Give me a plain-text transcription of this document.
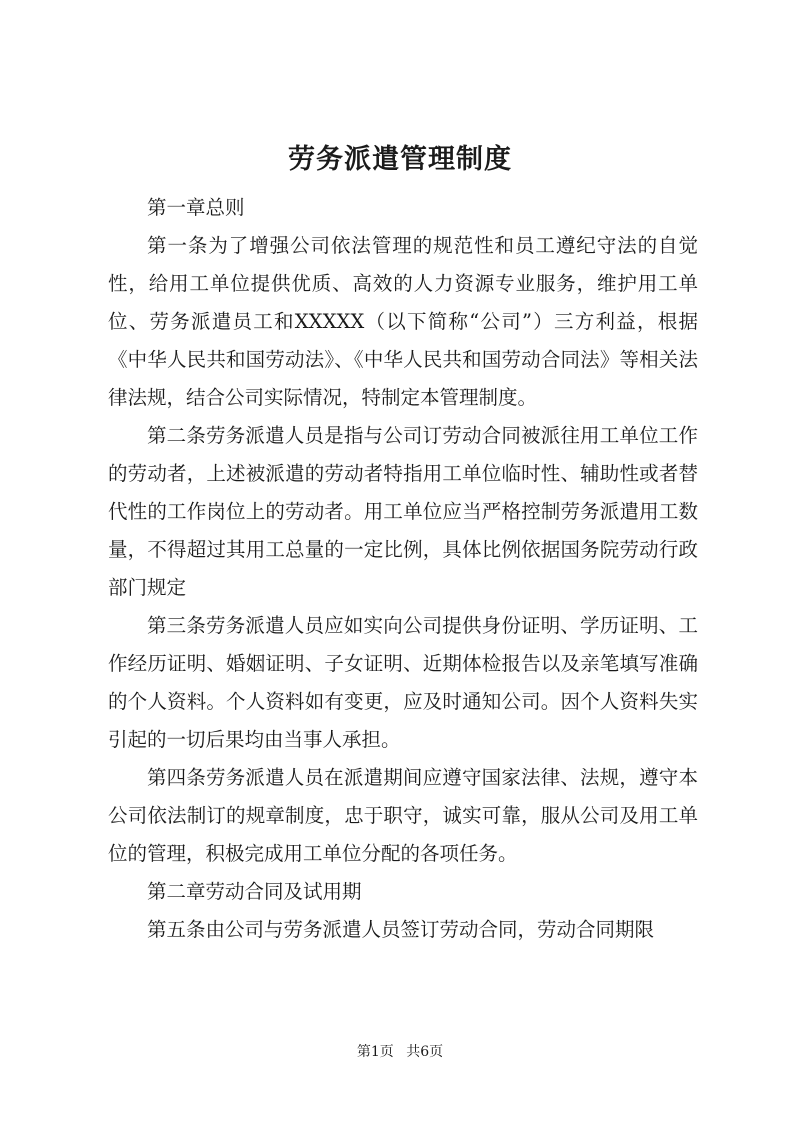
劳务派遣管理制度

第一章总则

第一条为了增强公司依法管理的规范性和员工遵纪守法的自觉性，给用工单位提供优质、高效的人力资源专业服务，维护用工单位、劳务派遣员工和XXXXX（以下简称“公司”）三方利益，根据《中华人民共和国劳动法》、《中华人民共和国劳动合同法》等相关法律法规，结合公司实际情况，特制定本管理制度。

第二条劳务派遣人员是指与公司订劳动合同被派往用工单位工作的劳动者，上述被派遣的劳动者特指用工单位临时性、辅助性或者替代性的工作岗位上的劳动者。用工单位应当严格控制劳务派遣用工数量，不得超过其用工总量的一定比例，具体比例依据国务院劳动行政部门规定

第三条劳务派遣人员应如实向公司提供身份证明、学历证明、工作经历证明、婚姻证明、子女证明、近期体检报告以及亲笔填写准确的个人资料。个人资料如有变更，应及时通知公司。因个人资料失实引起的一切后果均由当事人承担。

第四条劳务派遣人员在派遣期间应遵守国家法律、法规，遵守本公司依法制订的规章制度，忠于职守，诚实可靠，服从公司及用工单位的管理，积极完成用工单位分配的各项任务。

第二章劳动合同及试用期

第五条由公司与劳务派遣人员签订劳动合同，劳动合同期限

第1页 共6页
